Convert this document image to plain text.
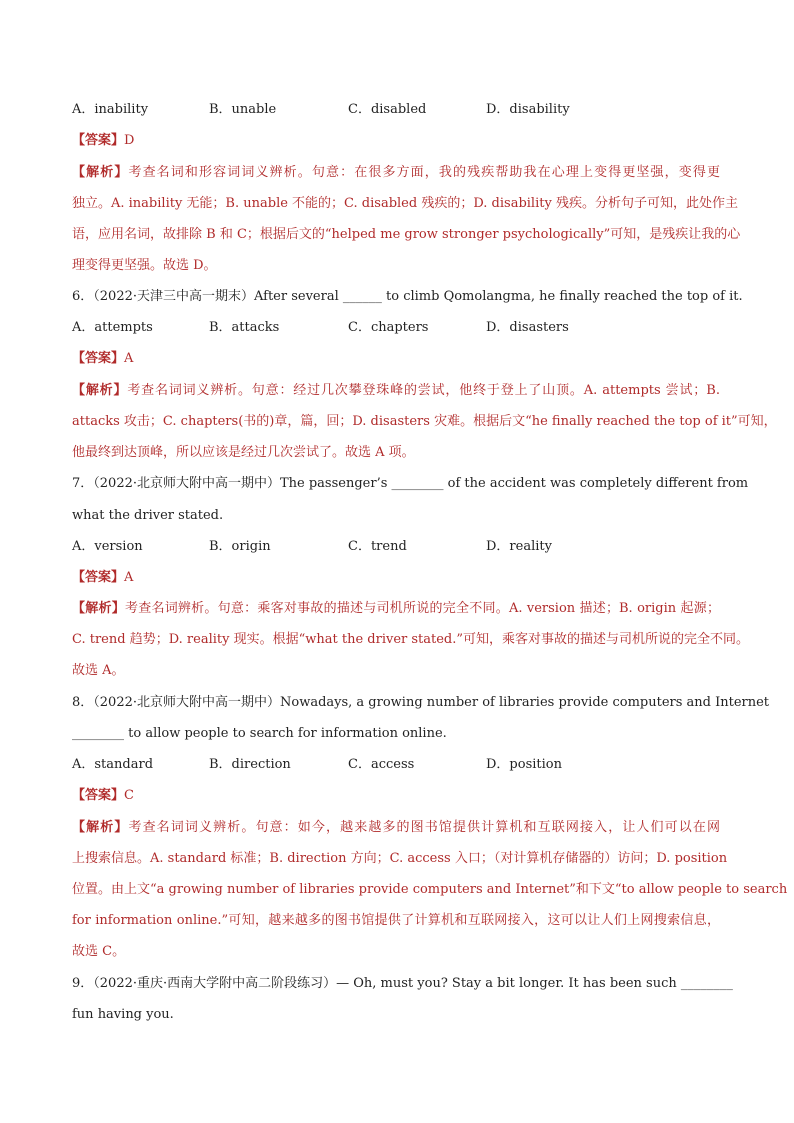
A．inability	B．unable	C．disabled	D．disability
【答案】D
【解析】考查名词和形容词词义辨析。句意：在很多方面，我的残疾帮助我在心理上变得更坚强，变得更
独立。A. inability 无能；B. unable 不能的；C. disabled 残疾的；D. disability 残疾。分析句子可知，此处作主
语，应用名词，故排除 B 和 C；根据后文的“helped me grow stronger psychologically”可知，是残疾让我的心
理变得更坚强。故选 D。
6．（2022·天津三中高一期末）After several ______ to climb Qomolangma, he finally reached the top of it.
A．attempts	B．attacks	C．chapters	D．disasters
【答案】A
【解析】考查名词词义辨析。句意：经过几次攀登珠峰的尝试，他终于登上了山顶。A. attempts 尝试；B.
attacks 攻击；C. chapters(书的)章，篇，回；D. disasters 灾难。根据后文“he finally reached the top of it”可知，
他最终到达顶峰，所以应该是经过几次尝试了。故选 A 项。
7．（2022·北京师大附中高一期中）The passenger’s ________ of the accident was completely different from
what the driver stated.
A．version	B．origin	C．trend	D．reality
【答案】A
【解析】考查名词辨析。句意：乘客对事故的描述与司机所说的完全不同。A. version 描述；B. origin 起源；
C. trend 趋势；D. reality 现实。根据“what the driver stated.”可知，乘客对事故的描述与司机所说的完全不同。
故选 A。
8．（2022·北京师大附中高一期中）Nowadays, a growing number of libraries provide computers and Internet
________ to allow people to search for information online.
A．standard	B．direction	C．access	D．position
【答案】C
【解析】考查名词词义辨析。句意：如今，越来越多的图书馆提供计算机和互联网接入，让人们可以在网
上搜索信息。A. standard 标准；B. direction 方向；C. access 入口；（对计算机存储器的）访问；D. position
位置。由上文“a growing number of libraries provide computers and Internet”和下文“to allow people to search
for information online.”可知，越来越多的图书馆提供了计算机和互联网接入，这可以让人们上网搜索信息，
故选 C。
9．（2022·重庆·西南大学附中高二阶段练习）— Oh, must you? Stay a bit longer. It has been such ________
fun having you.
